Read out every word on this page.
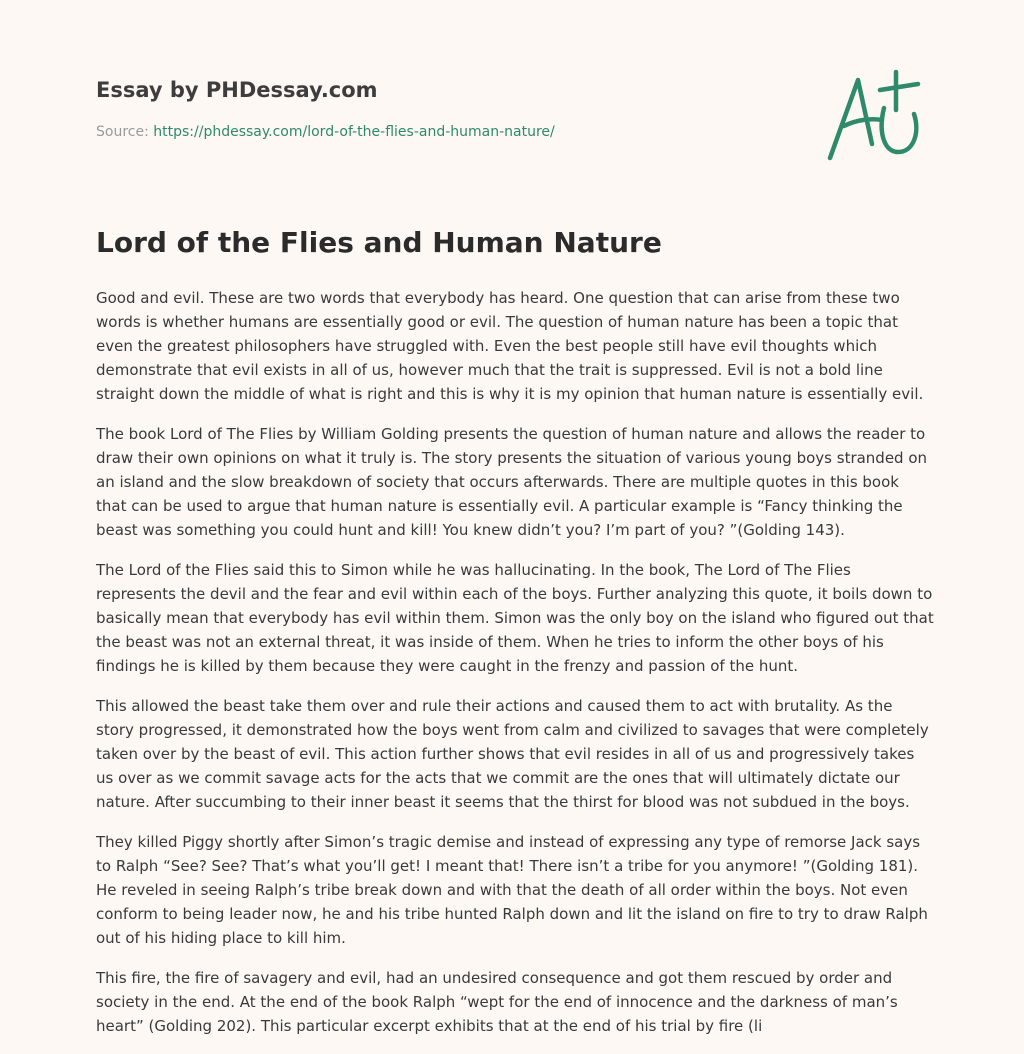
Essay by PHDessay.com
Source: https://phdessay.com/lord-of-the-flies-and-human-nature/
Lord of the Flies and Human Nature

Good and evil. These are two words that everybody has heard. One question that can arise from these two words is whether humans are essentially good or evil. The question of human nature has been a topic that even the greatest philosophers have struggled with. Even the best people still have evil thoughts which demonstrate that evil exists in all of us, however much that the trait is suppressed. Evil is not a bold line straight down the middle of what is right and this is why it is my opinion that human nature is essentially evil.

The book Lord of The Flies by William Golding presents the question of human nature and allows the reader to draw their own opinions on what it truly is. The story presents the situation of various young boys stranded on an island and the slow breakdown of society that occurs afterwards. There are multiple quotes in this book that can be used to argue that human nature is essentially evil. A particular example is “Fancy thinking the beast was something you could hunt and kill! You knew didn’t you? I’m part of you? ”(Golding 143).

The Lord of the Flies said this to Simon while he was hallucinating. In the book, The Lord of The Flies represents the devil and the fear and evil within each of the boys. Further analyzing this quote, it boils down to basically mean that everybody has evil within them. Simon was the only boy on the island who figured out that the beast was not an external threat, it was inside of them. When he tries to inform the other boys of his findings he is killed by them because they were caught in the frenzy and passion of the hunt.

This allowed the beast take them over and rule their actions and caused them to act with brutality. As the story progressed, it demonstrated how the boys went from calm and civilized to savages that were completely taken over by the beast of evil. This action further shows that evil resides in all of us and progressively takes us over as we commit savage acts for the acts that we commit are the ones that will ultimately dictate our nature. After succumbing to their inner beast it seems that the thirst for blood was not subdued in the boys.

They killed Piggy shortly after Simon’s tragic demise and instead of expressing any type of remorse Jack says to Ralph “See? See? That’s what you’ll get! I meant that! There isn’t a tribe for you anymore! ”(Golding 181). He reveled in seeing Ralph’s tribe break down and with that the death of all order within the boys. Not even conform to being leader now, he and his tribe hunted Ralph down and lit the island on fire to try to draw Ralph out of his hiding place to kill him.

This fire, the fire of savagery and evil, had an undesired consequence and got them rescued by order and society in the end. At the end of the book Ralph “wept for the end of innocence and the darkness of man’s heart” (Golding 202). This particular excerpt exhibits that at the end of his trial by fire (li
